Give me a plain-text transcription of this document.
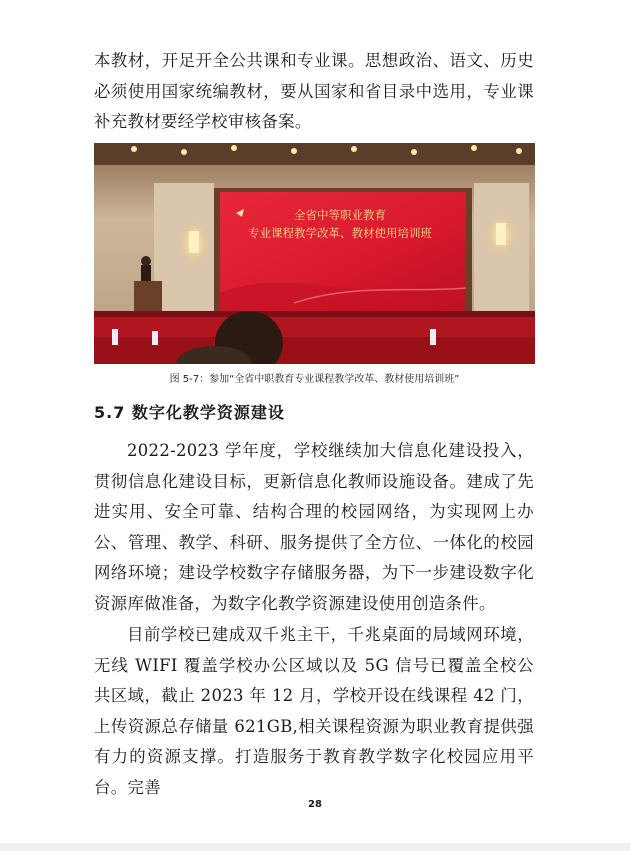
本教材，开足开全公共课和专业课。思想政治、语文、历史必须使用国家统编教材，要从国家和省目录中选用，专业课补充教材要经学校审核备案。

全省中等职业教育
专业课程教学改革、教材使用培训班
图 5-7：参加“全省中职教育专业课程教学改革、教材使用培训班”
5.7 数字化教学资源建设

2022-2023 学年度，学校继续加大信息化建设投入，贯彻信息化建设目标，更新信息化教师设施设备。建成了先进实用、安全可靠、结构合理的校园网络，为实现网上办公、管理、教学、科研、服务提供了全方位、一体化的校园网络环境；建设学校数字存储服务器，为下一步建设数字化资源库做准备，为数字化教学资源建设使用创造条件。

目前学校已建成双千兆主干，千兆桌面的局域网环境，无线 WIFI 覆盖学校办公区域以及 5G 信号已覆盖全校公共区域，截止 2023 年 12 月，学校开设在线课程 42 门，上传资源总存储量 621GB,相关课程资源为职业教育提供强有力的资源支撑。打造服务于教育教学数字化校园应用平台。完善

28
